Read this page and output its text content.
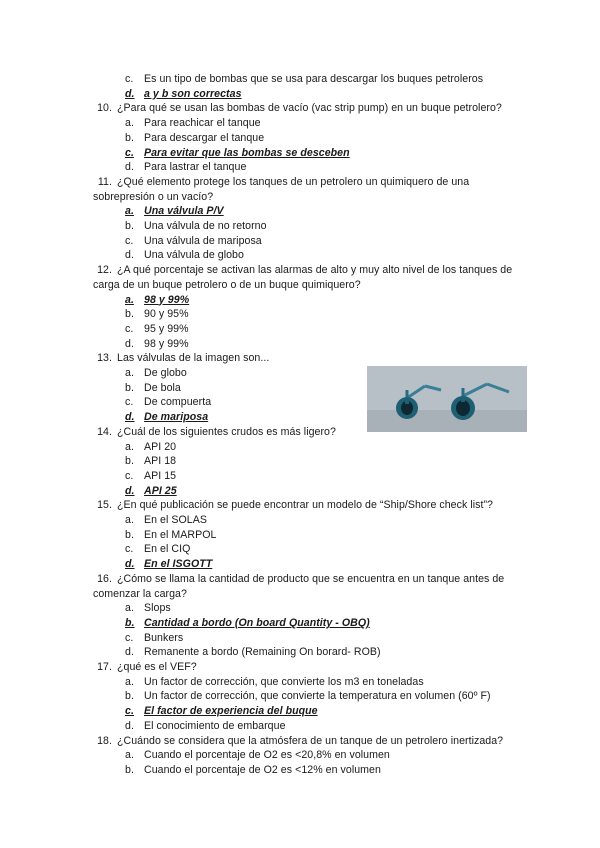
c. Es un tipo de bombas que se usa para descargar los buques petroleros
d. a y b son correctas
10. ¿Para qué se usan las bombas de vacío (vac strip pump) en un buque petrolero?
a. Para reachicar el tanque
b. Para descargar el tanque
c. Para evitar que las bombas se desceben
d. Para lastrar el tanque
11. ¿Qué elemento protege los tanques de un petrolero un quimiquero de una
sobrepresión o un vacío?
a. Una válvula P/V
b. Una válvula de no retorno
c. Una válvula de mariposa
d. Una válvula de globo
12. ¿A qué porcentaje se activan las alarmas de alto y muy alto nivel de los tanques de
carga de un buque petrolero o de un buque quimiquero?
a. 98 y 99%
b. 90 y 95%
c. 95 y 99%
d. 98 y 99%
13. Las válvulas de la imagen son...
a. De globo
b. De bola
c. De compuerta
d. De mariposa
14. ¿Cuál de los siguientes crudos es más ligero?
a. API 20
b. API 18
c. API 15
d. API 25
15. ¿En qué publicación se puede encontrar un modelo de “Ship/Shore check list”?
a. En el SOLAS
b. En el MARPOL
c. En el CIQ
d. En el ISGOTT
16. ¿Cómo se llama la cantidad de producto que se encuentra en un tanque antes de
comenzar la carga?
a. Slops
b. Cantidad a bordo (On board Quantity - OBQ)
c. Bunkers
d. Remanente a bordo (Remaining On borard- ROB)
17. ¿qué es el VEF?
a. Un factor de corrección, que convierte los m3 en toneladas
b. Un factor de corrección, que convierte la temperatura en volumen (60º F)
c. El factor de experiencia del buque
d. El conocimiento de embarque
18. ¿Cuándo se considera que la atmósfera de un tanque de un petrolero inertizada?
a. Cuando el porcentaje de O2 es <20,8% en volumen
b. Cuando el porcentaje de O2 es <12% en volumen
